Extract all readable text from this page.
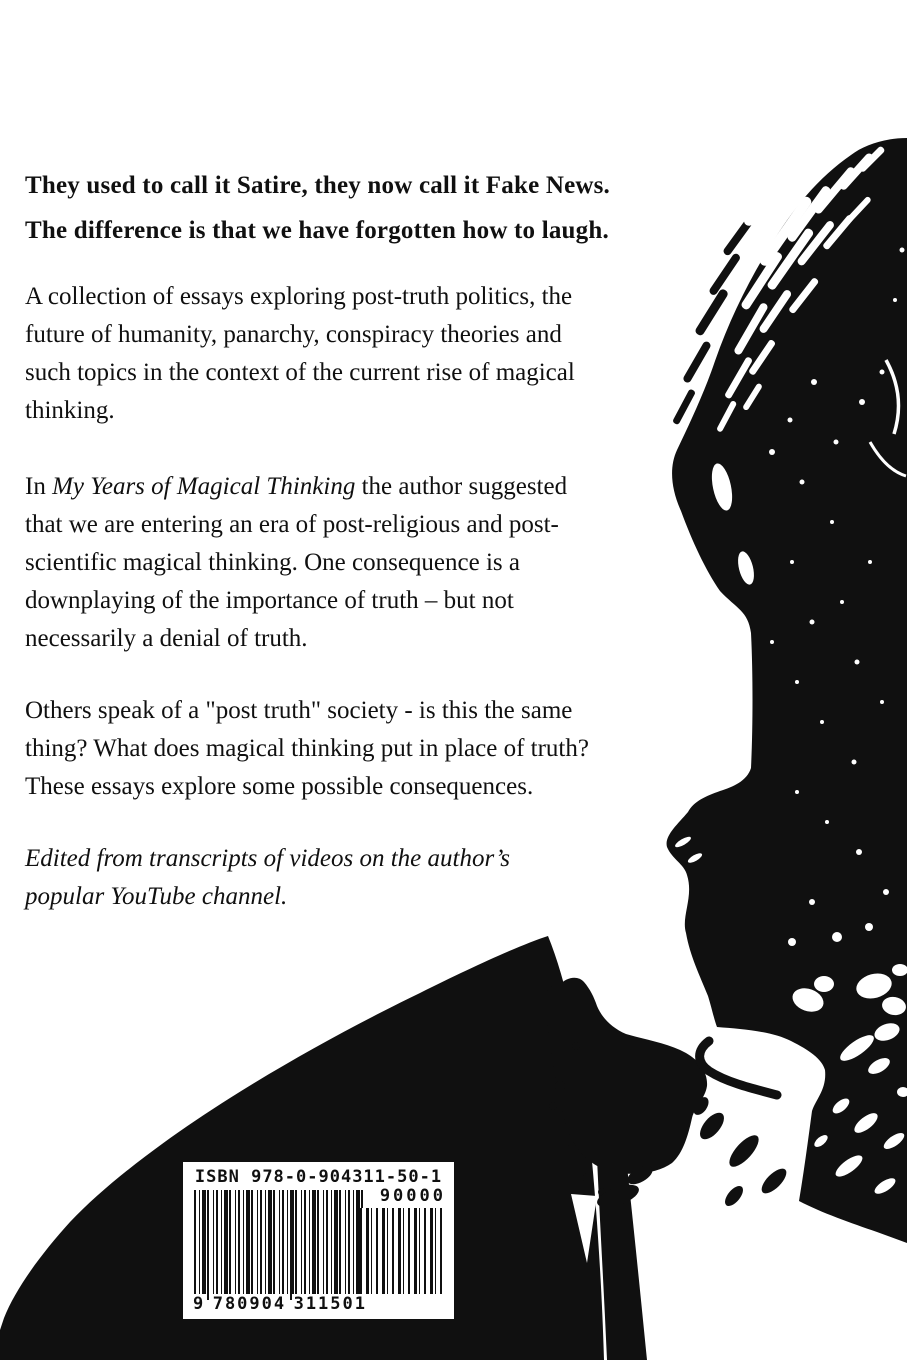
They used to call it Satire, they now call it Fake News.
The difference is that we have forgotten how to laugh.
A collection of essays exploring post-truth politics, the
future of humanity, panarchy, conspiracy theories and
such topics in the context of the current rise of magical
thinking.
In My Years of Magical Thinking the author suggested
that we are entering an era of post-religious and post-
scientific magical thinking. One consequence is a
downplaying of the importance of truth – but not
necessarily a denial of truth.
Others speak of a "post truth" society - is this the same
thing? What does magical thinking put in place of truth?
These essays explore some possible consequences.
Edited from transcripts of videos on the author’s
popular YouTube channel.
ISBN 978-0-904311-50-1
90000
9 780904 311501
